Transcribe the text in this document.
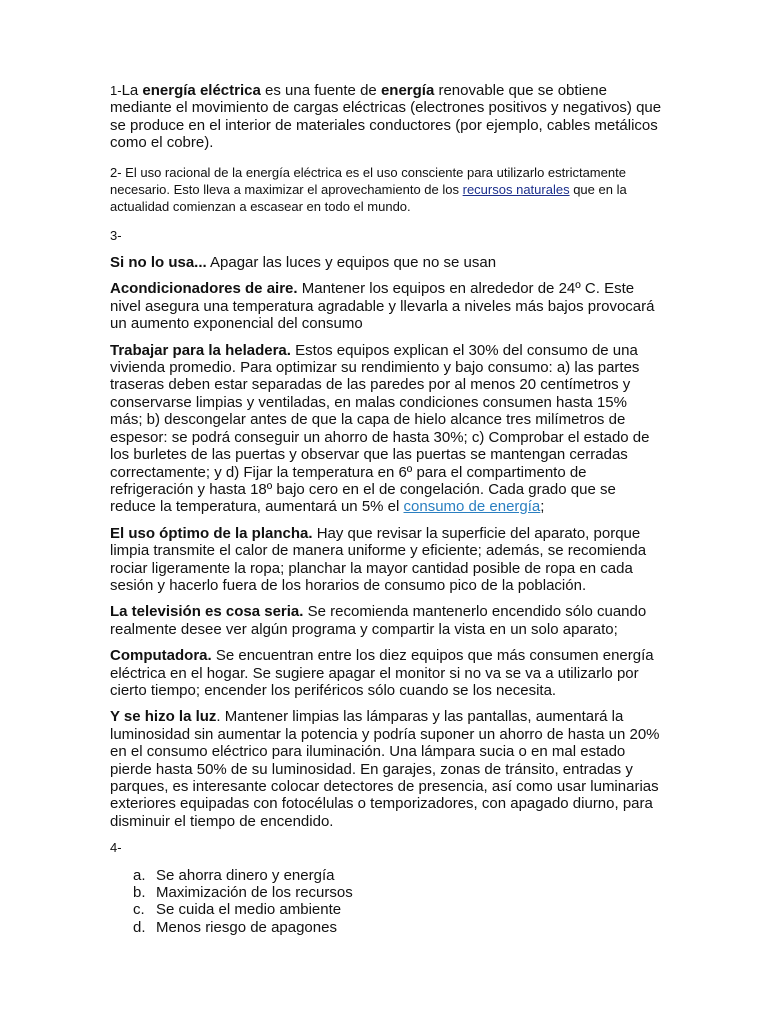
1-La energía eléctrica es una fuente de energía renovable que se obtiene mediante el movimiento de cargas eléctricas (electrones positivos y negativos) que se produce en el interior de materiales conductores (por ejemplo, cables metálicos como el cobre).

2- El uso racional de la energía eléctrica es el uso consciente para utilizarlo estrictamente necesario. Esto lleva a maximizar el aprovechamiento de los recursos naturales que en la actualidad comienzan a escasear en todo el mundo.

3-

Si no lo usa... Apagar las luces y equipos que no se usan

Acondicionadores de aire. Mantener los equipos en alrededor de 24º C. Este nivel asegura una temperatura agradable y llevarla a niveles más bajos provocará un aumento exponencial del consumo

Trabajar para la heladera. Estos equipos explican el 30% del consumo de una vivienda promedio. Para optimizar su rendimiento y bajo consumo: a) las partes traseras deben estar separadas de las paredes por al menos 20 centímetros y conservarse limpias y ventiladas, en malas condiciones consumen hasta 15% más; b) descongelar antes de que la capa de hielo alcance tres milímetros de espesor: se podrá conseguir un ahorro de hasta 30%; c) Comprobar el estado de los burletes de las puertas y observar que las puertas se mantengan cerradas correctamente; y d) Fijar la temperatura en 6º para el compartimento de refrigeración y hasta 18º bajo cero en el de congelación. Cada grado que se reduce la temperatura, aumentará un 5% el consumo de energía;

El uso óptimo de la plancha. Hay que revisar la superficie del aparato, porque limpia transmite el calor de manera uniforme y eficiente; además, se recomienda rociar ligeramente la ropa; planchar la mayor cantidad posible de ropa en cada sesión y hacerlo fuera de los horarios de consumo pico de la población.

La televisión es cosa seria. Se recomienda mantenerlo encendido sólo cuando realmente desee ver algún programa y compartir la vista en un solo aparato;

Computadora. Se encuentran entre los diez equipos que más consumen energía eléctrica en el hogar. Se sugiere apagar el monitor si no va se va a utilizarlo por cierto tiempo; encender los periféricos sólo cuando se los necesita.

Y se hizo la luz. Mantener limpias las lámparas y las pantallas, aumentará la luminosidad sin aumentar la potencia y podría suponer un ahorro de hasta un 20% en el consumo eléctrico para iluminación. Una lámpara sucia o en mal estado pierde hasta 50% de su luminosidad. En garajes, zonas de tránsito, entradas y parques, es interesante colocar detectores de presencia, así como usar luminarias exteriores equipadas con fotocélulas o temporizadores, con apagado diurno, para disminuir el tiempo de encendido.

4-

a. Se ahorra dinero y energía
b. Maximización de los recursos
c. Se cuida el medio ambiente
d. Menos riesgo de apagones
